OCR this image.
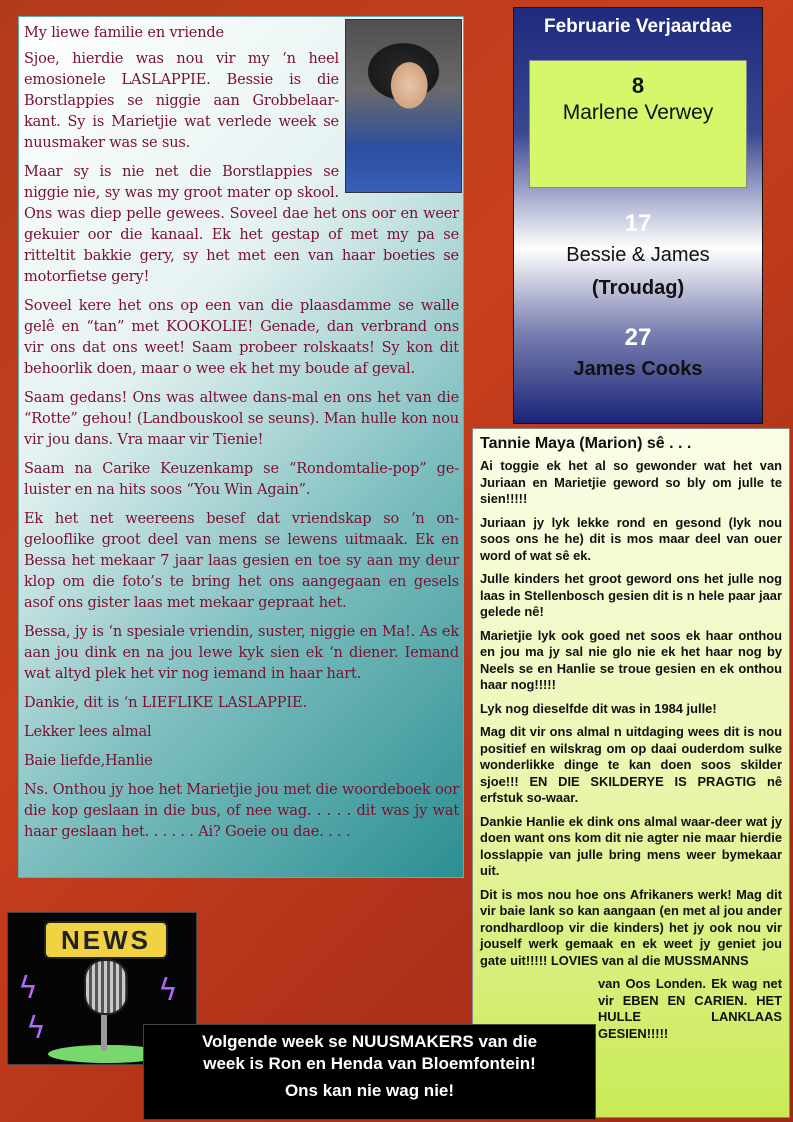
My liewe familie en vriende

Sjoe, hierdie was nou vir my ‘n heel emosionele LASLAPPIE. Bessie is die Borstlappies se niggie aan Grobbelaar-kant. Sy is Marietjie wat verlede week se nuusmaker was se sus.

Maar sy is nie net die Borstlappies se niggie nie, sy was my groot mater op skool. Ons was diep pelle gewees. Soveel dae het ons oor en weer gekuier oor die kanaal. Ek het gestap of met my pa se ritteltit bakkie gery, sy het met een van haar boeties se motorfietse gery!

Soveel kere het ons op een van die plaasdamme se walle gelê en “tan” met KOOKOLIE! Genade, dan verbrand ons vir ons dat ons weet! Saam probeer rolskaats! Sy kon dit behoorlik doen, maar o wee ek het my boude af geval.

Saam gedans! Ons was altwee dans-mal en ons het van die “Rotte” gehou! (Landbouskool se seuns). Man hulle kon nou vir jou dans. Vra maar vir Tienie!

Saam na Carike Keuzenkamp se “Rondomtalie-pop” ge-luister en na hits soos “You Win Again”.

Ek het net weereens besef dat vriendskap so ‘n on-gelooflike groot deel van mens se lewens uitmaak. Ek en Bessa het mekaar 7 jaar laas gesien en toe sy aan my deur klop om die foto’s te bring het ons aangegaan en gesels asof ons gister laas met mekaar gepraat het.

Bessa, jy is ‘n spesiale vriendin, suster, niggie en Ma!. As ek aan jou dink en na jou lewe kyk sien ek ‘n diener. Iemand wat altyd plek het vir nog iemand in haar hart.

Dankie, dit is ‘n LIEFLIKE LASLAPPIE.

Lekker lees almal

Baie liefde,Hanlie

Ns. Onthou jy hoe het Marietjie jou met die woordeboek oor die kop geslaan in die bus, of nee wag. . . . . dit was jy wat haar geslaan het. . . . . . Ai? Goeie ou dae. . . .

Februarie Verjaardae
8
Marlene Verwey
17
Bessie & James
(Troudag)
27
James Cooks
Tannie Maya (Marion) sê . . .

Ai toggie ek het al so gewonder wat het van Juriaan en Marietjie geword so bly om julle te sien!!!!!

Juriaan jy lyk lekke rond en gesond (lyk nou soos ons he he) dit is mos maar deel van ouer word of wat sê ek.

Julle kinders het groot geword ons het julle nog laas in Stellenbosch gesien dit is n hele paar jaar gelede nê!

Marietjie lyk ook goed net soos ek haar onthou en jou ma jy sal nie glo nie ek het haar nog by Neels se en Hanlie se troue gesien en ek onthou haar nog!!!!!

Lyk nog dieselfde dit was in 1984 julle!

Mag dit vir ons almal n uitdaging wees dit is nou positief en wilskrag om op daai ouderdom sulke wonderlikke dinge te kan doen soos skilder sjoe!!! EN DIE SKILDERYE IS PRAGTIG nê erfstuk so-waar.

Dankie Hanlie ek dink ons almal waar-deer wat jy doen want ons kom dit nie agter nie maar hierdie losslappie van julle bring mens weer bymekaar uit.

Dit is mos nou hoe ons Afrikaners werk! Mag dit vir baie lank so kan aangaan (en met al jou ander rondhardloop vir die kinders) het jy ook nou vir jouself werk gemaak en ek weet jy geniet jou gate uit!!!!! LOVIES van al die MUSSMANNS

van Oos Londen. Ek wag net vir EBEN EN CARIEN. HET HULLE LANKLAAS GESIEN!!!!!

NEWS
ϟ	ϟ
ϟ	Volgende week se NUUSMAKERS van die
week is Ron en Henda van Bloemfontein!
Ons kan nie wag nie!
